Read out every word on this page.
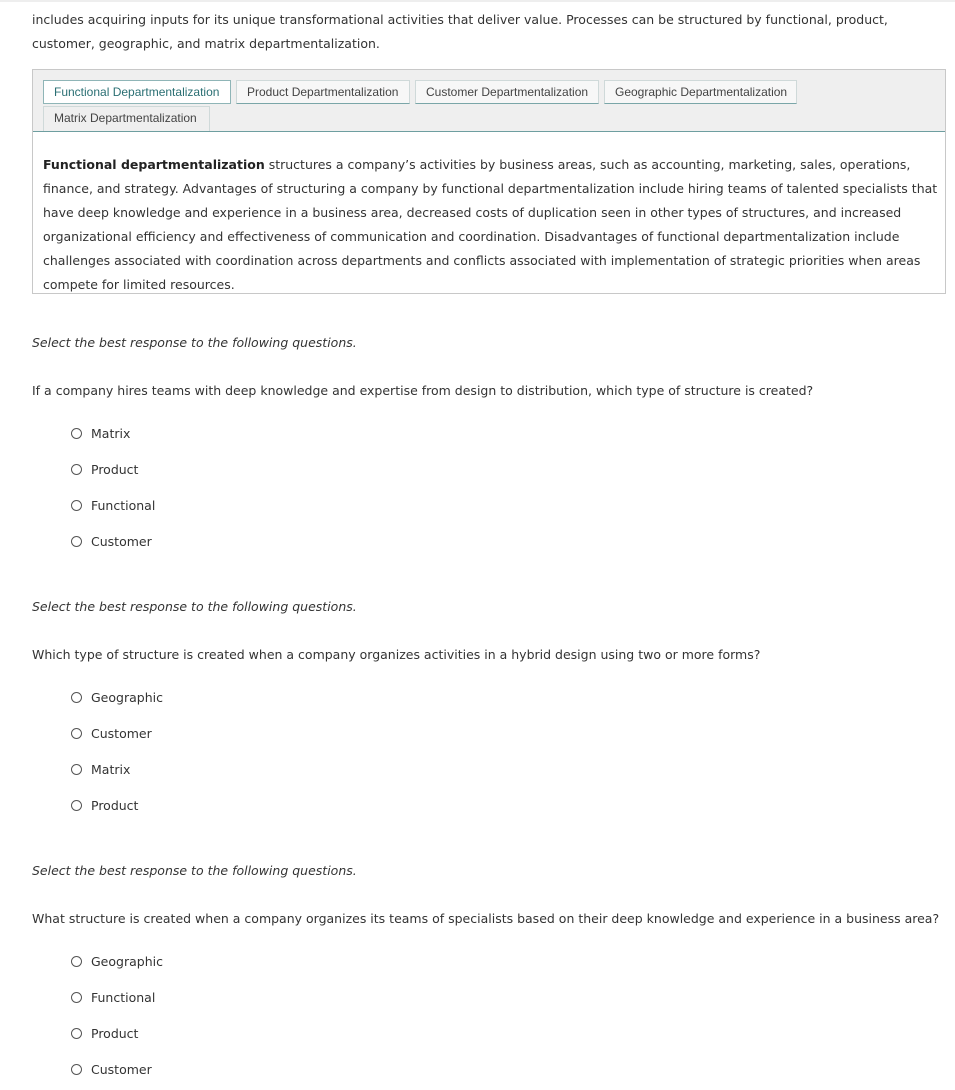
includes acquiring inputs for its unique transformational activities that deliver value. Processes can be structured by functional, product, customer, geographic, and matrix departmentalization.

Functional Departmentalization	Product Departmentalization	Customer Departmentalization	Geographic Departmentalization
Matrix Departmentalization

Functional departmentalization structures a company’s activities by business areas, such as accounting, marketing, sales, operations, finance, and strategy. Advantages of structuring a company by functional departmentalization include hiring teams of talented specialists that have deep knowledge and experience in a business area, decreased costs of duplication seen in other types of structures, and increased organizational efficiency and effectiveness of communication and coordination. Disadvantages of functional departmentalization include challenges associated with coordination across departments and conflicts associated with implementation of strategic priorities when areas compete for limited resources.

Select the best response to the following questions.

If a company hires teams with deep knowledge and expertise from design to distribution, which type of structure is created?

Matrix
Product
Functional
Customer

Select the best response to the following questions.

Which type of structure is created when a company organizes activities in a hybrid design using two or more forms?

Geographic
Customer
Matrix
Product

Select the best response to the following questions.

What structure is created when a company organizes its teams of specialists based on their deep knowledge and experience in a business area?

Geographic
Functional
Product
Customer
